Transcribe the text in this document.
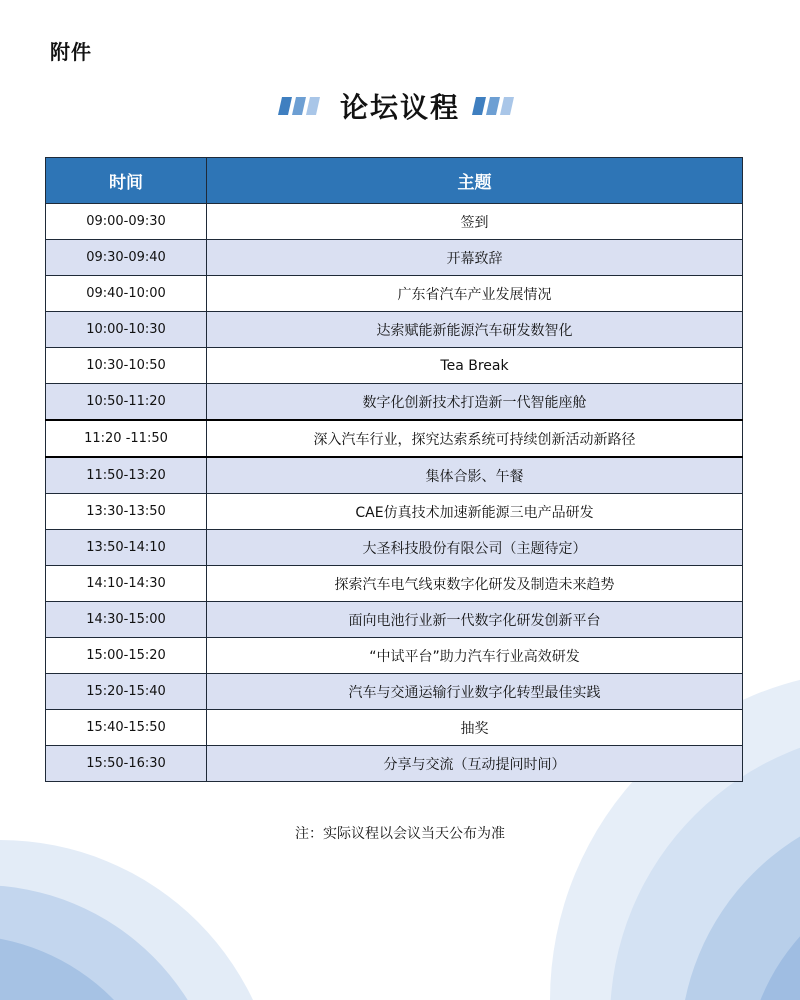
附件
论坛议程
时间	主题
09:00-09:30	签到
09:30-09:40	开幕致辞
09:40-10:00	广东省汽车产业发展情况
10:00-10:30	达索赋能新能源汽车研发数智化
10:30-10:50	Tea Break
10:50-11:20	数字化创新技术打造新一代智能座舱
11:20 -11:50	深入汽车行业，探究达索系统可持续创新活动新路径
11:50-13:20	集体合影、午餐
13:30-13:50	CAE仿真技术加速新能源三电产品研发
13:50-14:10	大圣科技股份有限公司（主题待定）
14:10-14:30	探索汽车电气线束数字化研发及制造未来趋势
14:30-15:00	面向电池行业新一代数字化研发创新平台
15:00-15:20	“中试平台”助力汽车行业高效研发
15:20-15:40	汽车与交通运输行业数字化转型最佳实践
15:40-15:50	抽奖
15:50-16:30	分享与交流（互动提问时间）
注：实际议程以会议当天公布为准
